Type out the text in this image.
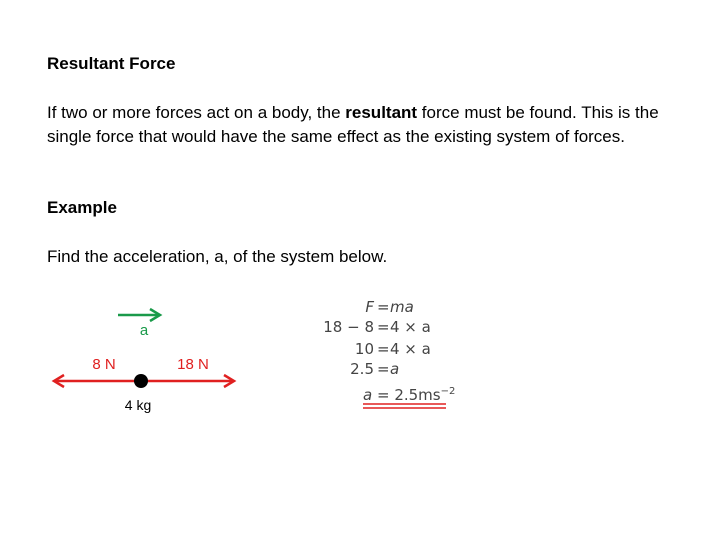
Resultant Force
If two or more forces act on a body, the resultant force must be found. This is the single force that would have the same effect as the existing system of forces.
Example
Find the acceleration, a, of the system below.
a
8 N	18 N
4 kg
F = ma
18 − 8 = 4 × a
10 = 4 × a
2.5 = a
$a = 2.5ms^{-2}$
